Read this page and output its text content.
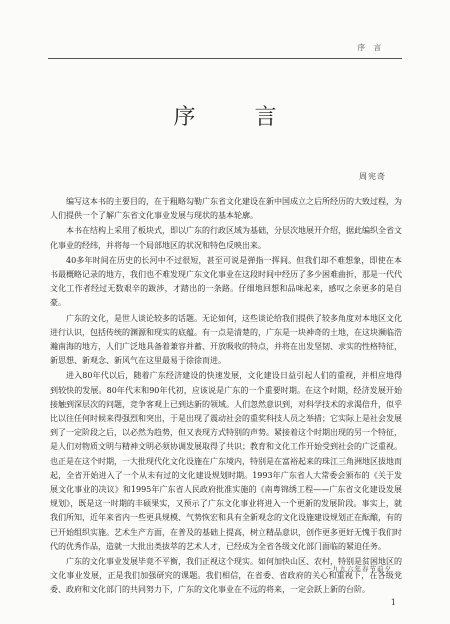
序 言
序 言
周宪奇

编写这本书的主要目的，在于粗略勾勒广东省文化建设在新中国成立之后所经历的大致过程，为人们提供一个了解广东省文化事业发展与现状的基本轮廓。

本书在结构上采用了板块式，即以广东的行政区域为基础，分层次地展开介绍，据此编织全省文化事业的经纬，并将每一个局部地区的状况和特色反映出来。

40多年时间在历史的长河中不过很短，甚至可说是弹指一挥间。但我们却不难想象，即使在本书最概略记录的地方，我们也不难发现广东文化事业在这段时间中经历了多少困难曲折，那是一代代文化工作者经过无数艰辛的跋涉，才踏出的一条路。仔细地回想和品味起来，感叹之余更多的是自豪。

广东的文化，是世人谈论较多的话题。无论如何，这些谈论给我们提供了较多角度对本地区文化进行认识，包括传统的渊源和现实的底蕴。有一点是清楚的，广东是一块神奇的土地，在这块濒临浩瀚南海的地方，人们广泛地具备着兼容并蓄、开放吸收的特点，并将在出发坚韧、求实的性格特征，新思想、新观念、新风气在这里最易于徐徐而进。

进入80年代以后，随着广东经济建设的快速发展，文化建设日益引起人们的重视，并相应地得到较快的发展。80年代末和90年代初，应该说是广东的一个重要时期。在这个时期，经济发展开始接触到深层次的问题，竞争客观上已到达新的领域。人们忽然意识到，对科学技术的求渴倍升，似乎比以往任何时候来得强烈和突出，于是出现了震动社会的重奖科技人员之举措；它实际上是社会发展到了一定阶段之后，以必然为趋势，但又表现方式特别的声势。紧接着这个时期出现的另一个特征，是人们对物质文明与精神文明必须协调发展取得了共识；教育和文化工作开始受到社会的广泛重视。也正是在这个时期，一大批现代化文化设施在广东境内，特别是在富裕起来的珠江三角洲地区拔地而起，全省开始进入了一个从未有过的文化建设规划时期。1993年广东省人大常委会颁布的《关于发展文化事业的决议》和1995年广东省人民政府批准实施的《南粤锦绣工程——广东省文化建设发展规划》，既是这一时期的丰硕果实，又预示了广东文化事业将进入一个更新的发展阶段。事实上，就我们所知，近年来省内一些更具规模、气势恢宏和具有全新观念的文化设施建设规划正在酝酿，有的已开始组织实施。艺术生产方面，在普及的基础上提高，树立精品意识，创作更多更好无愧于我们时代的优秀作品，造就一大批出类拔萃的艺术人才，已经成为全省各级文化部门面临的紧迫任务。

广东的文化事业发展毕竟不平衡，我们正视这个现实。如何加快山区、农村，特别是贫困地区的文化事业发展，正是我们加强研究的课题。我们相信，在省委、省政府的关心和重视下，在各级党委、政府和文化部门的共同努力下，广东的文化事业在不远的将来，一定会跃上新的台阶。

一九九六年春节前夕
1
